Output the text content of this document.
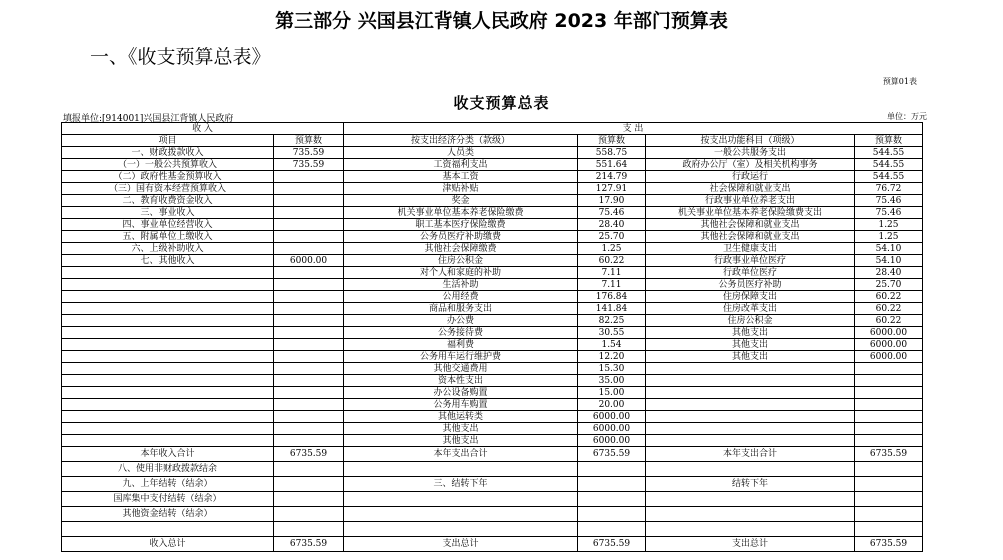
第三部分 兴国县江背镇人民政府 2023 年部门预算表
一、《收支预算总表》
预算01表
收支预算总表
填报单位:[914001]兴国县江背镇人民政府	单位：万元
收 入		支 出			
项目	预算数	按支出经济分类（款级）	预算数	按支出功能科目（项级）	预算数
一、财政拨款收入	735.59	人员类	558.75	一般公共服务支出	544.55
（一）一般公共预算收入	735.59	工资福利支出	551.64	政府办公厅（室）及相关机构事务	544.55
（二）政府性基金预算收入		基本工资	214.79	行政运行	544.55
（三）国有资本经营预算收入		津贴补贴	127.91	社会保障和就业支出	76.72
二、教育收费资金收入		奖金	17.90	行政事业单位养老支出	75.46
三、事业收入		机关事业单位基本养老保险缴费	75.46	机关事业单位基本养老保险缴费支出	75.46
四、事业单位经营收入		职工基本医疗保险缴费	28.40	其他社会保障和就业支出	1.25
五、附属单位上缴收入		公务员医疗补助缴费	25.70	其他社会保障和就业支出	1.25
六、上级补助收入		其他社会保障缴费	1.25	卫生健康支出	54.10
七、其他收入	6000.00	住房公积金	60.22	行政事业单位医疗	54.10
		对个人和家庭的补助	7.11	行政单位医疗	28.40
		生活补助	7.11	公务员医疗补助	25.70
		公用经费	176.84	住房保障支出	60.22
		商品和服务支出	141.84	住房改革支出	60.22
		办公费	82.25	住房公积金	60.22
		公务接待费	30.55	其他支出	6000.00
		福利费	1.54	其他支出	6000.00
		公务用车运行维护费	12.20	其他支出	6000.00
		其他交通费用	15.30		
		资本性支出	35.00		
		办公设备购置	15.00		
		公务用车购置	20.00		
		其他运转类	6000.00		
		其他支出	6000.00		
		其他支出	6000.00		
本年收入合计	6735.59	本年支出合计	6735.59	本年支出合计	6735.59
八、使用非财政拨款结余					
九、上年结转（结余）		三、结转下年		结转下年	
国库集中支付结转（结余）					
其他资金结转（结余）					

收入总计	6735.59	支出总计	6735.59	支出总计	6735.59
